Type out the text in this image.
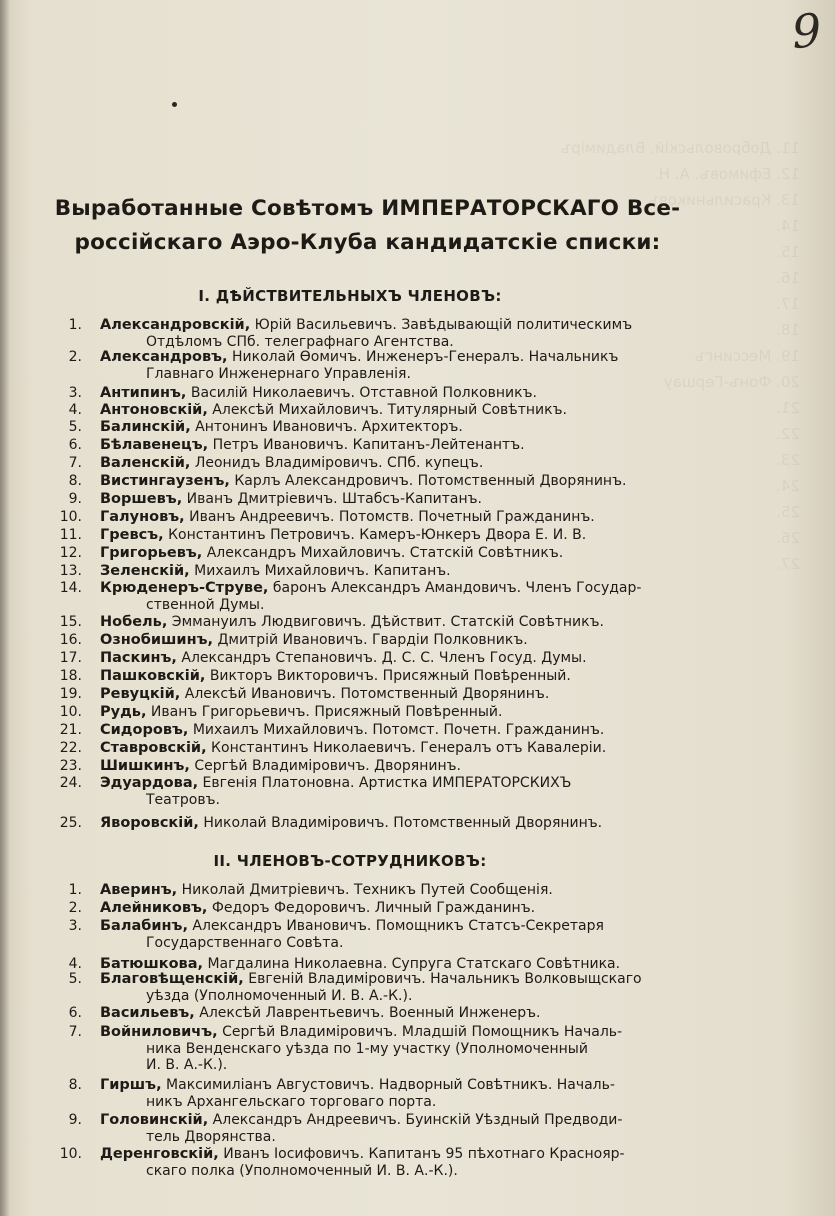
11. Добровольскій. Владиміръ
12. Ефимовъ. А. Н.
13. Красильниковъ
14.
15.
16.
17.
18.
19. Мессингъ
20. Фонъ-Гершау
21.
22.
23.
24.
25.
26.
27.
9
Выработанные Совѣтомъ ИМПЕРАТОРСКАГО Все-
россійскаго Аэро-Клуба кандидатскіе списки:
I. ДѢЙСТВИТЕЛЬНЫХЪ ЧЛЕНОВЪ:
1. Александровскій, Юрій Васильевичъ. Завѣдывающій политическимъ
Отдѣломъ СПб. телеграфнаго Агентства.
2. Александровъ, Николай Ѳомичъ. Инженеръ-Генералъ. Начальникъ
Главнаго Инженернаго Управленія.
3. Антипинъ, Василій Николаевичъ. Отставной Полковникъ.
4. Антоновскій, Алексѣй Михайловичъ. Титулярный Совѣтникъ.
5. Балинскій, Антонинъ Ивановичъ. Архитекторъ.
6. Бѣлавенецъ, Петръ Ивановичъ. Капитанъ-Лейтенантъ.
7. Валенскій, Леонидъ Владиміровичъ. СПб. купецъ.
8. Вистингаузенъ, Карлъ Александровичъ. Потомственный Дворянинъ.
9. Воршевъ, Иванъ Дмитріевичъ. Штабсъ-Капитанъ.
10. Галуновъ, Иванъ Андреевичъ. Потомств. Почетный Гражданинъ.
11. Гревсъ, Константинъ Петровичъ. Камеръ-Юнкеръ Двора Е. И. В.
12. Григорьевъ, Александръ Михайловичъ. Статскій Совѣтникъ.
13. Зеленскій, Михаилъ Михайловичъ. Капитанъ.
14. Крюденеръ-Струве, баронъ Александръ Амандовичъ. Членъ Государ-
ственной Думы.
15. Нобель, Эммануилъ Людвиговичъ. Дѣйствит. Статскій Совѣтникъ.
16. Ознобишинъ, Дмитрій Ивановичъ. Гвардіи Полковникъ.
17. Паскинъ, Александръ Степановичъ. Д. С. С. Членъ Госуд. Думы.
18. Пашковскій, Викторъ Викторовичъ. Присяжный Повѣренный.
19. Ревуцкій, Алексѣй Ивановичъ. Потомственный Дворянинъ.
10. Рудь, Иванъ Григорьевичъ. Присяжный Повѣренный.
21. Сидоровъ, Михаилъ Михайловичъ. Потомст. Почетн. Гражданинъ.
22. Ставровскій, Константинъ Николаевичъ. Генералъ отъ Кавалеріи.
23. Шишкинъ, Сергѣй Владиміровичъ. Дворянинъ.
24. Эдуардова, Евгенія Платоновна. Артистка ИМПЕРАТОРСКИХЪ
Театровъ.
25. Яворовскій, Николай Владиміровичъ. Потомственный Дворянинъ.
II. ЧЛЕНОВЪ-СОТРУДНИКОВЪ:
1. Аверинъ, Николай Дмитріевичъ. Техникъ Путей Сообщенія.
2. Алейниковъ, Федоръ Федоровичъ. Личный Гражданинъ.
3. Балабинъ, Александръ Ивановичъ. Помощникъ Статсъ-Секретаря
Государственнаго Совѣта.
4. Батюшкова, Магдалина Николаевна. Супруга Статскаго Совѣтника.
5. Благовѣщенскій, Евгеній Владиміровичъ. Начальникъ Волковыщскаго
уѣзда (Уполномоченный И. В. А.-К.).
6. Васильевъ, Алексѣй Лаврентьевичъ. Военный Инженеръ.
7. Войниловичъ, Сергѣй Владиміровичъ. Младшій Помощникъ Началь-
ника Венденскаго уѣзда по 1-му участку (Уполномоченный
И. В. А.-К.).
8. Гиршъ, Максимиліанъ Августовичъ. Надворный Совѣтникъ. Началь-
никъ Архангельскаго торговаго порта.
9. Головинскій, Александръ Андреевичъ. Буинскій Уѣздный Предводи-
тель Дворянства.
10. Деренговскій, Иванъ Іосифовичъ. Капитанъ 95 пѣхотнаго Краснояр-
скаго полка (Уполномоченный И. В. А.-К.).
